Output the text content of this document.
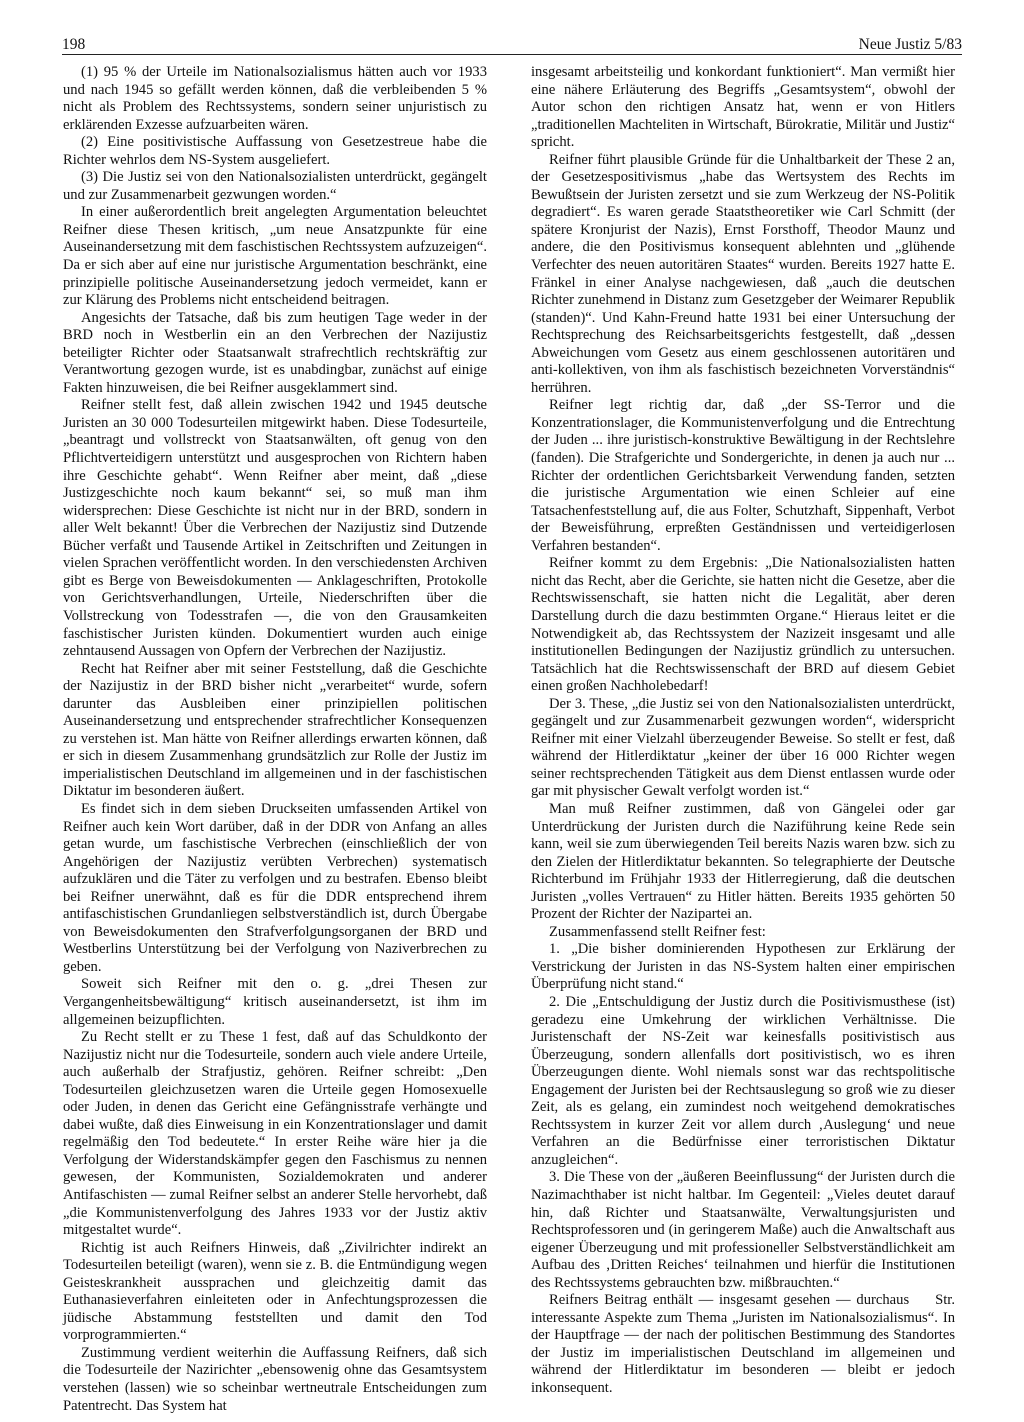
198	Neue Justiz 5/83

(1) 95 % der Urteile im Nationalsozialismus hätten auch vor 1933 und nach 1945 so gefällt werden können, daß die verbleibenden 5 % nicht als Problem des Rechtssystems, sondern seiner unjuristisch zu erklärenden Exzesse aufzuarbeiten wären.

(2) Eine positivistische Auffassung von Gesetzestreue habe die Richter wehrlos dem NS-System ausgeliefert.

(3) Die Justiz sei von den Nationalsozialisten unterdrückt, gegängelt und zur Zusammenarbeit gezwungen worden.“

In einer außerordentlich breit angelegten Argumentation beleuchtet Reifner diese Thesen kritisch, „um neue Ansatzpunkte für eine Auseinandersetzung mit dem faschistischen Rechtssystem aufzuzeigen“. Da er sich aber auf eine nur juristische Argumentation beschränkt, eine prinzipielle politische Auseinandersetzung jedoch vermeidet, kann er zur Klärung des Problems nicht entscheidend beitragen.

Angesichts der Tatsache, daß bis zum heutigen Tage weder in der BRD noch in Westberlin ein an den Verbrechen der Nazijustiz beteiligter Richter oder Staatsanwalt strafrechtlich rechtskräftig zur Verantwortung gezogen wurde, ist es unabdingbar, zunächst auf einige Fakten hinzuweisen, die bei Reifner ausgeklammert sind.

Reifner stellt fest, daß allein zwischen 1942 und 1945 deutsche Juristen an 30 000 Todesurteilen mitgewirkt haben. Diese Todesurteile, „beantragt und vollstreckt von Staatsanwälten, oft genug von den Pflichtverteidigern unterstützt und ausgesprochen von Richtern haben ihre Geschichte gehabt“. Wenn Reifner aber meint, daß „diese Justizgeschichte noch kaum bekannt“ sei, so muß man ihm widersprechen: Diese Geschichte ist nicht nur in der BRD, sondern in aller Welt bekannt! Über die Verbrechen der Nazijustiz sind Dutzende Bücher verfaßt und Tausende Artikel in Zeitschriften und Zeitungen in vielen Sprachen veröffentlicht worden. In den verschiedensten Archiven gibt es Berge von Beweisdokumenten — Anklageschriften, Protokolle von Gerichtsverhandlungen, Urteile, Niederschriften über die Vollstreckung von Todesstrafen —, die von den Grausamkeiten faschistischer Juristen künden. Dokumentiert wurden auch einige zehntausend Aussagen von Opfern der Verbrechen der Nazijustiz.

Recht hat Reifner aber mit seiner Feststellung, daß die Geschichte der Nazijustiz in der BRD bisher nicht „verarbeitet“ wurde, sofern darunter das Ausbleiben einer prinzipiellen politischen Auseinandersetzung und entsprechender strafrechtlicher Konsequenzen zu verstehen ist. Man hätte von Reifner allerdings erwarten können, daß er sich in diesem Zusammenhang grundsätzlich zur Rolle der Justiz im imperialistischen Deutschland im allgemeinen und in der faschistischen Diktatur im besonderen äußert.

Es findet sich in dem sieben Druckseiten umfassenden Artikel von Reifner auch kein Wort darüber, daß in der DDR von Anfang an alles getan wurde, um faschistische Verbrechen (einschließlich der von Angehörigen der Nazijustiz verübten Verbrechen) systematisch aufzuklären und die Täter zu verfolgen und zu bestrafen. Ebenso bleibt bei Reifner unerwähnt, daß es für die DDR entsprechend ihrem antifaschistischen Grundanliegen selbstverständlich ist, durch Übergabe von Beweisdokumenten den Strafverfolgungsorganen der BRD und Westberlins Unterstützung bei der Verfolgung von Naziverbrechen zu geben.

Soweit sich Reifner mit den o. g. „drei Thesen zur Vergangenheitsbewältigung“ kritisch auseinandersetzt, ist ihm im allgemeinen beizupflichten.

Zu Recht stellt er zu These 1 fest, daß auf das Schuldkonto der Nazijustiz nicht nur die Todesurteile, sondern auch viele andere Urteile, auch außerhalb der Strafjustiz, gehören. Reifner schreibt: „Den Todesurteilen gleichzusetzen waren die Urteile gegen Homosexuelle oder Juden, in denen das Gericht eine Gefängnisstrafe verhängte und dabei wußte, daß dies Einweisung in ein Konzentrationslager und damit regelmäßig den Tod bedeutete.“ In erster Reihe wäre hier ja die Verfolgung der Widerstandskämpfer gegen den Faschismus zu nennen gewesen, der Kommunisten, Sozialdemokraten und anderer Antifaschisten — zumal Reifner selbst an anderer Stelle hervorhebt, daß „die Kommunistenverfolgung des Jahres 1933 vor der Justiz aktiv mitgestaltet wurde“.

Richtig ist auch Reifners Hinweis, daß „Zivilrichter indirekt an Todesurteilen beteiligt (waren), wenn sie z. B. die Entmündigung wegen Geisteskrankheit aussprachen und gleichzeitig damit das Euthanasieverfahren einleiteten oder in Anfechtungsprozessen die jüdische Abstammung feststellten und damit den Tod vorprogrammierten.“

Zustimmung verdient weiterhin die Auffassung Reifners, daß sich die Todesurteile der Nazirichter „ebensowenig ohne das Gesamtsystem verstehen (lassen) wie so scheinbar wertneutrale Entscheidungen zum Patentrecht. Das System hat

insgesamt arbeitsteilig und konkordant funktioniert“. Man vermißt hier eine nähere Erläuterung des Begriffs „Gesamtsystem“, obwohl der Autor schon den richtigen Ansatz hat, wenn er von Hitlers „traditionellen Machteliten in Wirtschaft, Bürokratie, Militär und Justiz“ spricht.

Reifner führt plausible Gründe für die Unhaltbarkeit der These 2 an, der Gesetzespositivismus „habe das Wertsystem des Rechts im Bewußtsein der Juristen zersetzt und sie zum Werkzeug der NS-Politik degradiert“. Es waren gerade Staatstheoretiker wie Carl Schmitt (der spätere Kronjurist der Nazis), Ernst Forsthoff, Theodor Maunz und andere, die den Positivismus konsequent ablehnten und „glühende Verfechter des neuen autoritären Staates“ wurden. Bereits 1927 hatte E. Fränkel in einer Analyse nachgewiesen, daß „auch die deutschen Richter zunehmend in Distanz zum Gesetzgeber der Weimarer Republik (standen)“. Und Kahn-Freund hatte 1931 bei einer Untersuchung der Rechtsprechung des Reichsarbeitsgerichts festgestellt, daß „dessen Abweichungen vom Gesetz aus einem geschlossenen autoritären und anti-kollektiven, von ihm als faschistisch bezeichneten Vorverständnis“ herrühren.

Reifner legt richtig dar, daß „der SS-Terror und die Konzentrationslager, die Kommunistenverfolgung und die Entrechtung der Juden ... ihre juristisch-konstruktive Bewältigung in der Rechtslehre (fanden). Die Strafgerichte und Sondergerichte, in denen ja auch nur ... Richter der ordentlichen Gerichtsbarkeit Verwendung fanden, setzten die juristische Argumentation wie einen Schleier auf eine Tatsachenfeststellung auf, die aus Folter, Schutzhaft, Sippenhaft, Verbot der Beweisführung, erpreßten Geständnissen und verteidigerlosen Verfahren bestanden“.

Reifner kommt zu dem Ergebnis: „Die Nationalsozialisten hatten nicht das Recht, aber die Gerichte, sie hatten nicht die Gesetze, aber die Rechtswissenschaft, sie hatten nicht die Legalität, aber deren Darstellung durch die dazu bestimmten Organe.“ Hieraus leitet er die Notwendigkeit ab, das Rechtssystem der Nazizeit insgesamt und alle institutionellen Bedingungen der Nazijustiz gründlich zu untersuchen. Tatsächlich hat die Rechtswissenschaft der BRD auf diesem Gebiet einen großen Nachholebedarf!

Der 3. These, „die Justiz sei von den Nationalsozialisten unterdrückt, gegängelt und zur Zusammenarbeit gezwungen worden“, widerspricht Reifner mit einer Vielzahl überzeugender Beweise. So stellt er fest, daß während der Hitlerdiktatur „keiner der über 16 000 Richter wegen seiner rechtsprechenden Tätigkeit aus dem Dienst entlassen wurde oder gar mit physischer Gewalt verfolgt worden ist.“

Man muß Reifner zustimmen, daß von Gängelei oder gar Unterdrückung der Juristen durch die Naziführung keine Rede sein kann, weil sie zum überwiegenden Teil bereits Nazis waren bzw. sich zu den Zielen der Hitlerdiktatur bekannten. So telegraphierte der Deutsche Richterbund im Frühjahr 1933 der Hitlerregierung, daß die deutschen Juristen „volles Vertrauen“ zu Hitler hätten. Bereits 1935 gehörten 50 Prozent der Richter der Nazipartei an.

Zusammenfassend stellt Reifner fest:

1. „Die bisher dominierenden Hypothesen zur Erklärung der Verstrickung der Juristen in das NS-System halten einer empirischen Überprüfung nicht stand.“

2. Die „Entschuldigung der Justiz durch die Positivismusthese (ist) geradezu eine Umkehrung der wirklichen Verhältnisse. Die Juristenschaft der NS-Zeit war keinesfalls positivistisch aus Überzeugung, sondern allenfalls dort positivistisch, wo es ihren Überzeugungen diente. Wohl niemals sonst war das rechtspolitische Engagement der Juristen bei der Rechtsauslegung so groß wie zu dieser Zeit, als es gelang, ein zumindest noch weitgehend demokratisches Rechtssystem in kurzer Zeit vor allem durch ‚Auslegung‘ und neue Verfahren an die Bedürfnisse einer terroristischen Diktatur anzugleichen“.

3. Die These von der „äußeren Beeinflussung“ der Juristen durch die Nazimachthaber ist nicht haltbar. Im Gegenteil: „Vieles deutet darauf hin, daß Richter und Staatsanwälte, Verwaltungsjuristen und Rechtsprofessoren und (in geringerem Maße) auch die Anwaltschaft aus eigener Überzeugung und mit professioneller Selbstverständlichkeit am Aufbau des ‚Dritten Reiches‘ teilnahmen und hierfür die Institutionen des Rechtssystems gebrauchten bzw. mißbrauchten.“

Str.
Reifners Beitrag enthält — insgesamt gesehen — durchaus interessante Aspekte zum Thema „Juristen im Nationalsozialismus“. In der Hauptfrage — der nach der politischen Bestimmung des Standortes der Justiz im imperialistischen Deutschland im allgemeinen und während der Hitlerdiktatur im besonderen — bleibt er jedoch inkonsequent.
